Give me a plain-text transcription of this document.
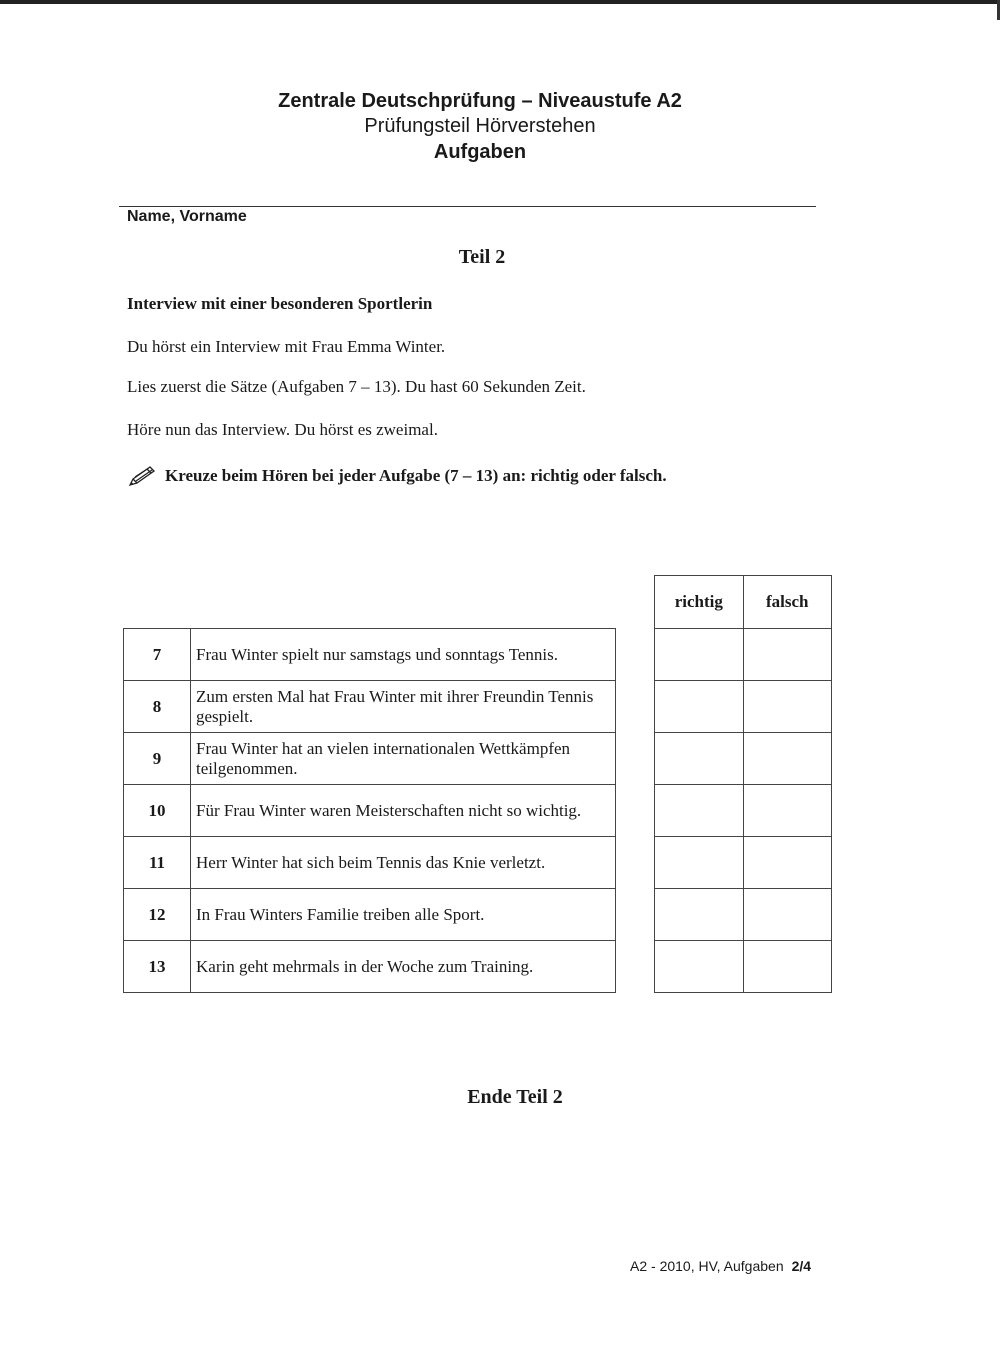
Zentrale Deutschprüfung – Niveaustufe A2
Prüfungsteil Hörverstehen
Aufgaben
Name, Vorname
Teil 2
Interview mit einer besonderen Sportlerin
Du hörst ein Interview mit Frau Emma Winter.
Lies zuerst die Sätze (Aufgaben 7 – 13). Du hast 60 Sekunden Zeit.
Höre nun das Interview. Du hörst es zweimal.
Kreuze beim Hören bei jeder Aufgabe (7 – 13) an: richtig oder falsch.
7	Frau Winter spielt nur samstags und sonntags Tennis.
8	Zum ersten Mal hat Frau Winter mit ihrer Freundin Tennis gespielt.
9	Frau Winter hat an vielen internationalen Wettkämpfen teilgenommen.
10	Für Frau Winter waren Meisterschaften nicht so wichtig.
11	Herr Winter hat sich beim Tennis das Knie verletzt.
12	In Frau Winters Familie treiben alle Sport.
13	Karin geht mehrmals in der Woche zum Training.
richtig	falsch

Ende Teil 2
A2 - 2010, HV, Aufgaben 2/4
